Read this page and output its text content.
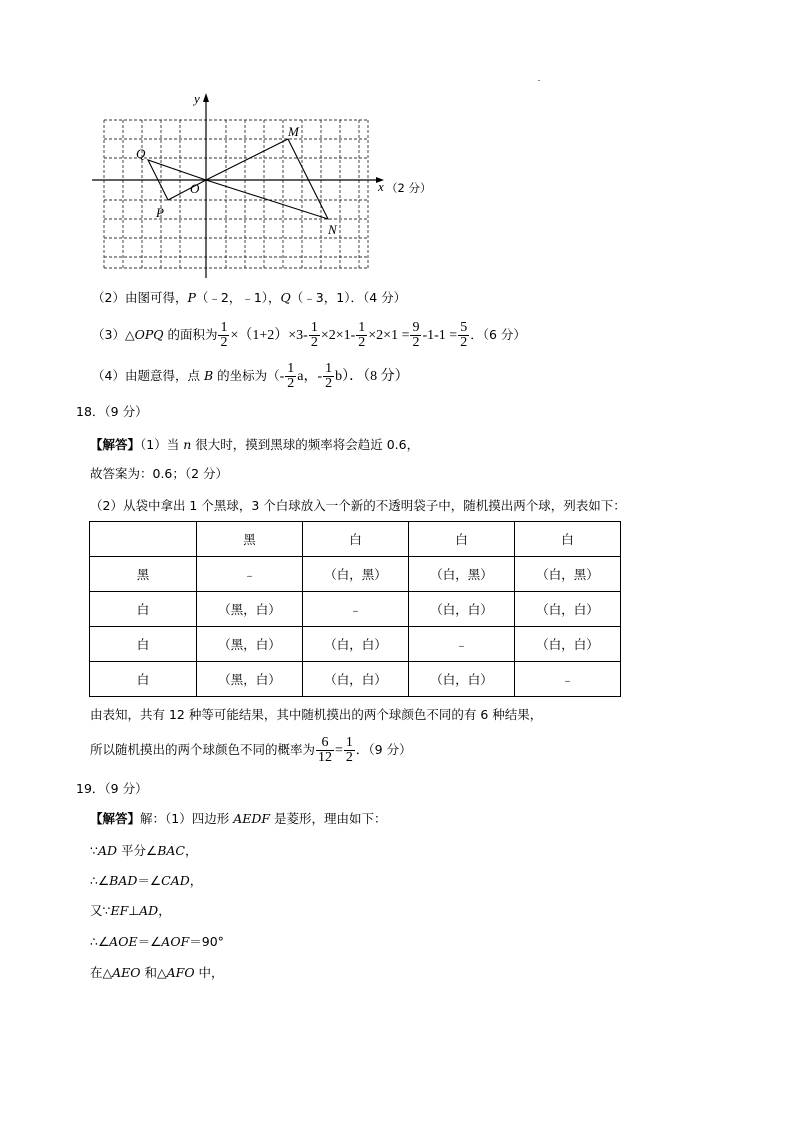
y
x （2 分）
O
M
N
P
Q
（2）由图可得，P（﹣2，﹣1），Q（﹣3，1）．（4 分）
（3）△OPQ 的面积为 $\frac{1}{2} \times(1+2)\times 3- \frac{1}{2} \times 2\times 1- \frac{1}{2} \times 2\times 1 = \frac{9}{2} -1-1 = \frac{5}{2}$ ．（6 分）
（4）由题意得，点 B 的坐标为（- $\frac{1}{2}$ a，- $\frac{1}{2} b$）．（8 分）
18．（9 分）
【解答】（1）当 n 很大时，摸到黑球的频率将会趋近 0.6，
故答案为：0.6；（2 分）
（2）从袋中拿出 1 个黑球，3 个白球放入一个新的不透明袋子中，随机摸出两个球，列表如下：
	黑	白	白	白
黑	﹣	（白，黑）	（白，黑）	（白，黑）
白	（黑，白）	﹣	（白，白）	（白，白）
白	（黑，白）	（白，白）	﹣	（白，白）
白	（黑，白）	（白，白）	（白，白）	﹣
由表知，共有 12 种等可能结果，其中随机摸出的两个球颜色不同的有 6 种结果，
所以随机摸出的两个球颜色不同的概率为 $\frac{6}{12} = \frac{1}{2}$ ．（9 分）
19．（9 分）
【解答】解：（1）四边形 AEDF 是菱形，理由如下：
∵AD 平分∠BAC，
∴∠BAD＝∠CAD，
又∵EF⊥AD，
∴∠AOE＝∠AOF＝90°
在△AEO 和△AFO 中，
